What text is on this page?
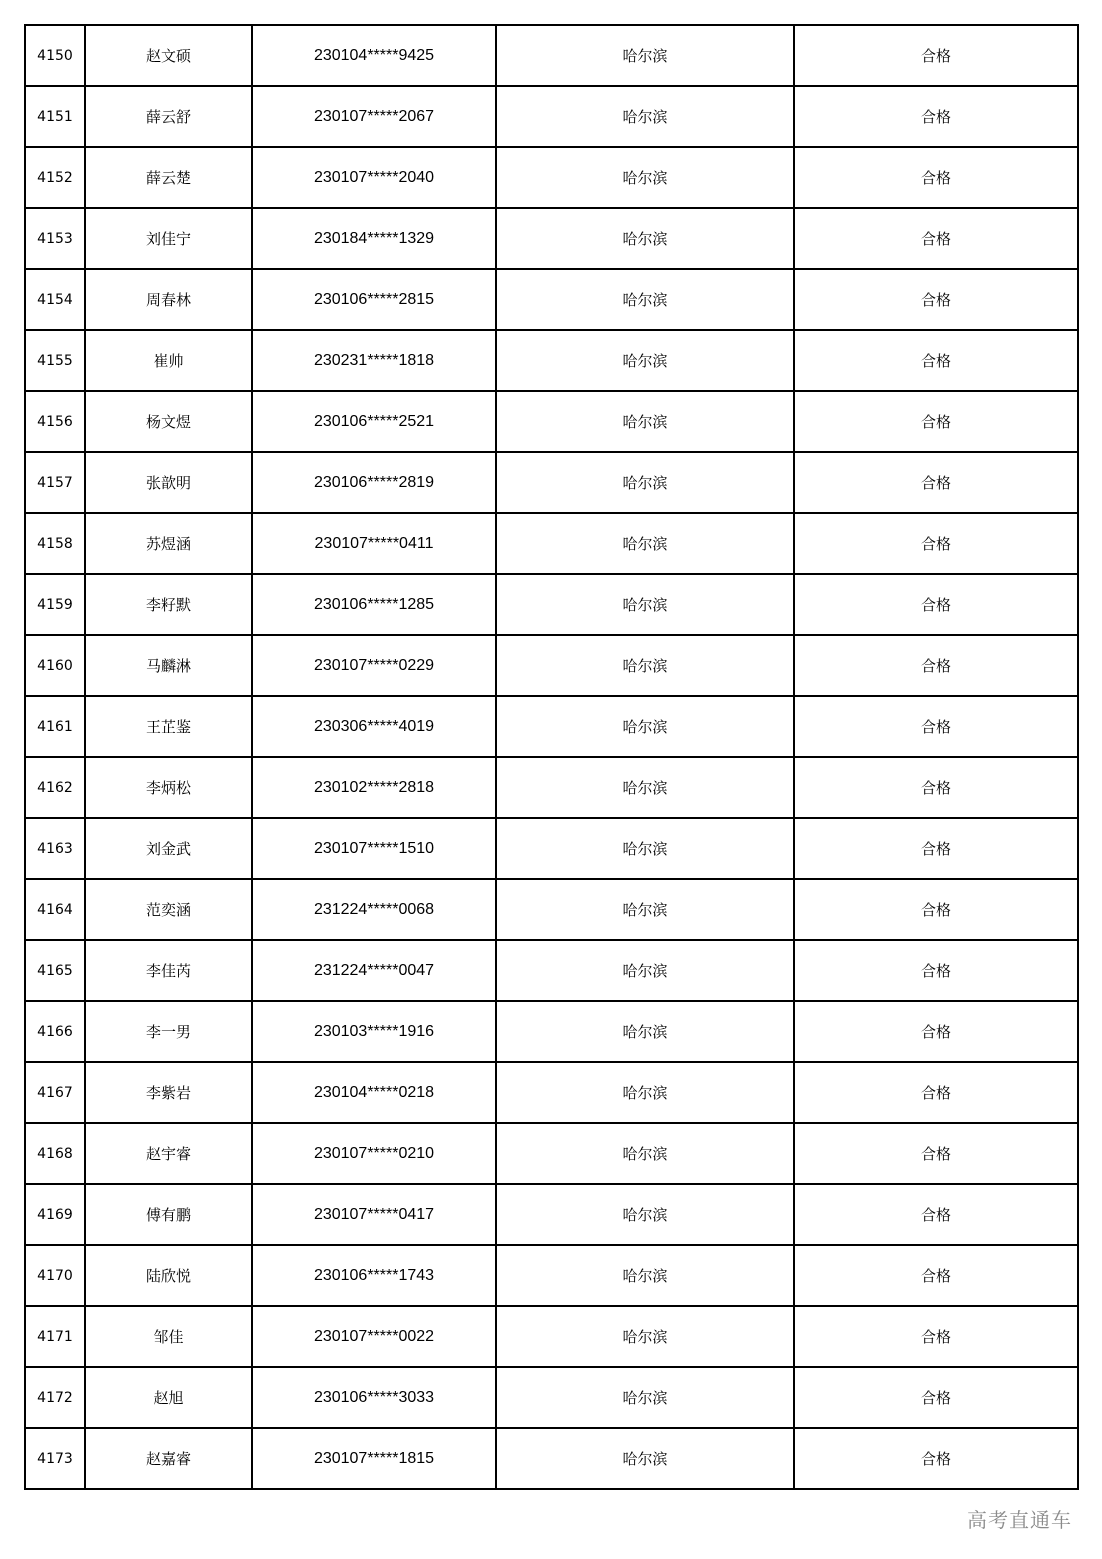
4150	赵文硕	230104*****9425	哈尔滨	合格
4151	薛云舒	230107*****2067	哈尔滨	合格
4152	薛云楚	230107*****2040	哈尔滨	合格
4153	刘佳宁	230184*****1329	哈尔滨	合格
4154	周春林	230106*****2815	哈尔滨	合格
4155	崔帅	230231*****1818	哈尔滨	合格
4156	杨文煜	230106*****2521	哈尔滨	合格
4157	张歆明	230106*****2819	哈尔滨	合格
4158	苏煜涵	230107*****0411	哈尔滨	合格
4159	李籽默	230106*****1285	哈尔滨	合格
4160	马麟淋	230107*****0229	哈尔滨	合格
4161	王芷鉴	230306*****4019	哈尔滨	合格
4162	李炳松	230102*****2818	哈尔滨	合格
4163	刘金武	230107*****1510	哈尔滨	合格
4164	范奕涵	231224*****0068	哈尔滨	合格
4165	李佳芮	231224*****0047	哈尔滨	合格
4166	李一男	230103*****1916	哈尔滨	合格
4167	李紫岩	230104*****0218	哈尔滨	合格
4168	赵宇睿	230107*****0210	哈尔滨	合格
4169	傅有鹏	230107*****0417	哈尔滨	合格
4170	陆欣悦	230106*****1743	哈尔滨	合格
4171	邹佳	230107*****0022	哈尔滨	合格
4172	赵旭	230106*****3033	哈尔滨	合格
4173	赵嘉睿	230107*****1815	哈尔滨	合格
高考直通车
